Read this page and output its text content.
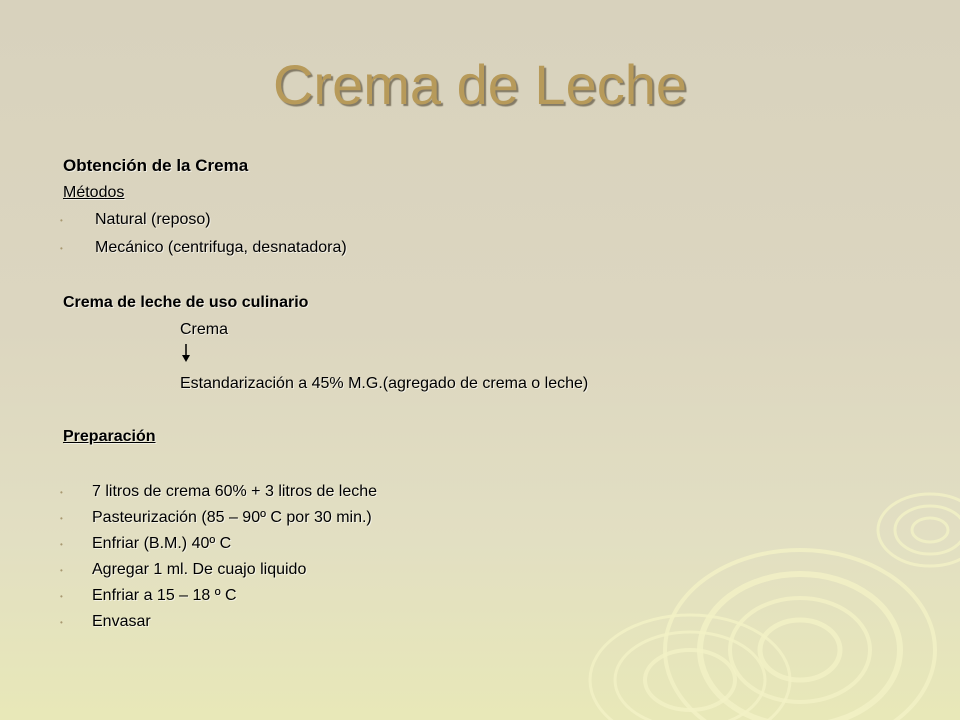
Crema de Leche
Obtención de la Crema
Métodos
• Natural (reposo)
• Mecánico (centrifuga, desnatadora)
Crema de leche de uso culinario
Crema
Estandarización a 45% M.G.(agregado de crema o leche)
Preparación
• 7 litros de crema 60% + 3 litros de leche
• Pasteurización (85 – 90º C por 30 min.)
• Enfriar (B.M.) 40º C
• Agregar 1 ml. De cuajo liquido
• Enfriar a 15 – 18 º C
• Envasar
